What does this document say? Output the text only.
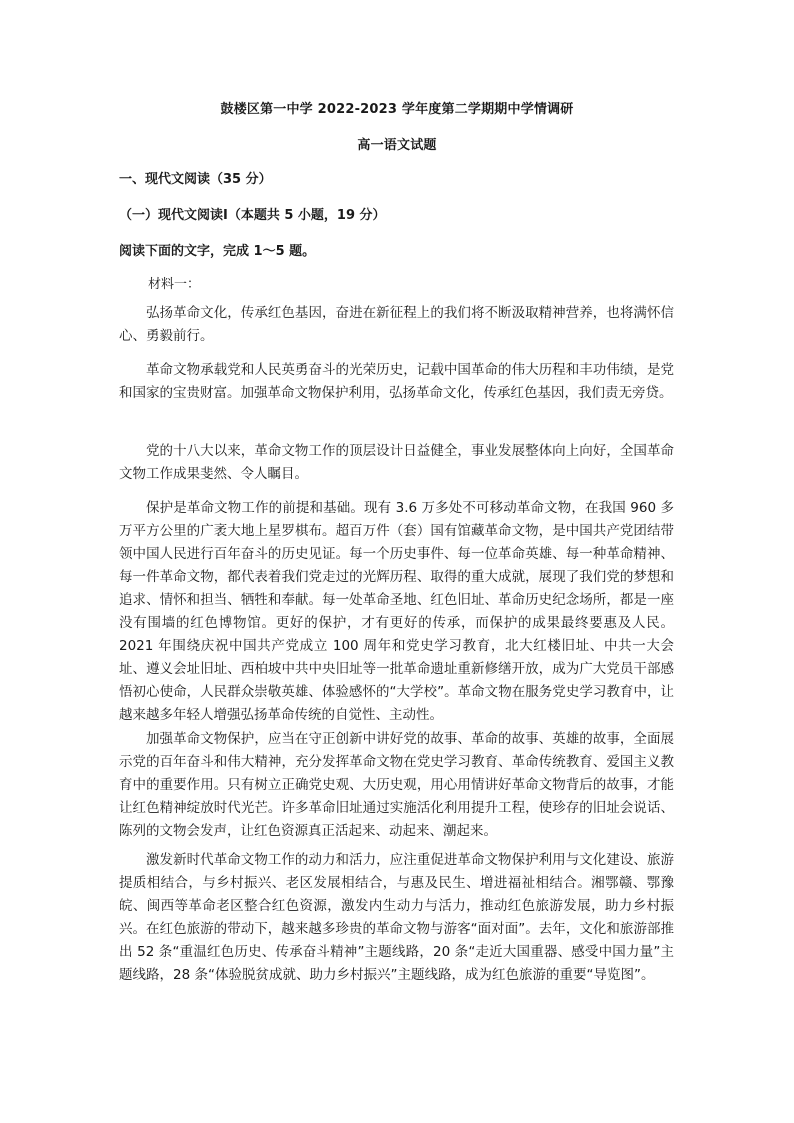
鼓楼区第一中学 2022-2023 学年度第二学期期中学情调研
高一语文试题
一、现代文阅读（35 分）
（一）现代文阅读Ⅰ（本题共 5 小题，19 分）
阅读下面的文字，完成 1～5 题。
材料一：

弘扬革命文化，传承红色基因，奋进在新征程上的我们将不断汲取精神营养，也将满怀信心、勇毅前行。

革命文物承载党和人民英勇奋斗的光荣历史，记载中国革命的伟大历程和丰功伟绩，是党和国家的宝贵财富。加强革命文物保护利用，弘扬革命文化，传承红色基因，我们责无旁贷。

党的十八大以来，革命文物工作的顶层设计日益健全，事业发展整体向上向好，全国革命文物工作成果斐然、令人瞩目。

保护是革命文物工作的前提和基础。现有 3.6 万多处不可移动革命文物，在我国 960 多万平方公里的广袤大地上星罗棋布。超百万件（套）国有馆藏革命文物，是中国共产党团结带领中国人民进行百年奋斗的历史见证。每一个历史事件、每一位革命英雄、每一种革命精神、每一件革命文物，都代表着我们党走过的光辉历程、取得的重大成就，展现了我们党的梦想和追求、情怀和担当、牺牲和奉献。每一处革命圣地、红色旧址、革命历史纪念场所，都是一座没有围墙的红色博物馆。更好的保护，才有更好的传承，而保护的成果最终要惠及人民。2021 年围绕庆祝中国共产党成立 100 周年和党史学习教育，北大红楼旧址、中共一大会址、遵义会址旧址、西柏坡中共中央旧址等一批革命遗址重新修缮开放，成为广大党员干部感悟初心使命，人民群众崇敬英雄、体验感怀的“大学校”。革命文物在服务党史学习教育中，让越来越多年轻人增强弘扬革命传统的自觉性、主动性。

加强革命文物保护，应当在守正创新中讲好党的故事、革命的故事、英雄的故事，全面展示党的百年奋斗和伟大精神，充分发挥革命文物在党史学习教育、革命传统教育、爱国主义教育中的重要作用。只有树立正确党史观、大历史观，用心用情讲好革命文物背后的故事，才能让红色精神绽放时代光芒。许多革命旧址通过实施活化利用提升工程，使珍存的旧址会说话、陈列的文物会发声，让红色资源真正活起来、动起来、潮起来。

激发新时代革命文物工作的动力和活力，应注重促进革命文物保护利用与文化建设、旅游提质相结合，与乡村振兴、老区发展相结合，与惠及民生、增进福祉相结合。湘鄂赣、鄂豫皖、闽西等革命老区整合红色资源，激发内生动力与活力，推动红色旅游发展，助力乡村振兴。在红色旅游的带动下，越来越多珍贵的革命文物与游客“面对面”。去年，文化和旅游部推出 52 条“重温红色历史、传承奋斗精神”主题线路，20 条“走近大国重器、感受中国力量”主题线路，28 条“体验脱贫成就、助力乡村振兴”主题线路，成为红色旅游的重要“导览图”。
